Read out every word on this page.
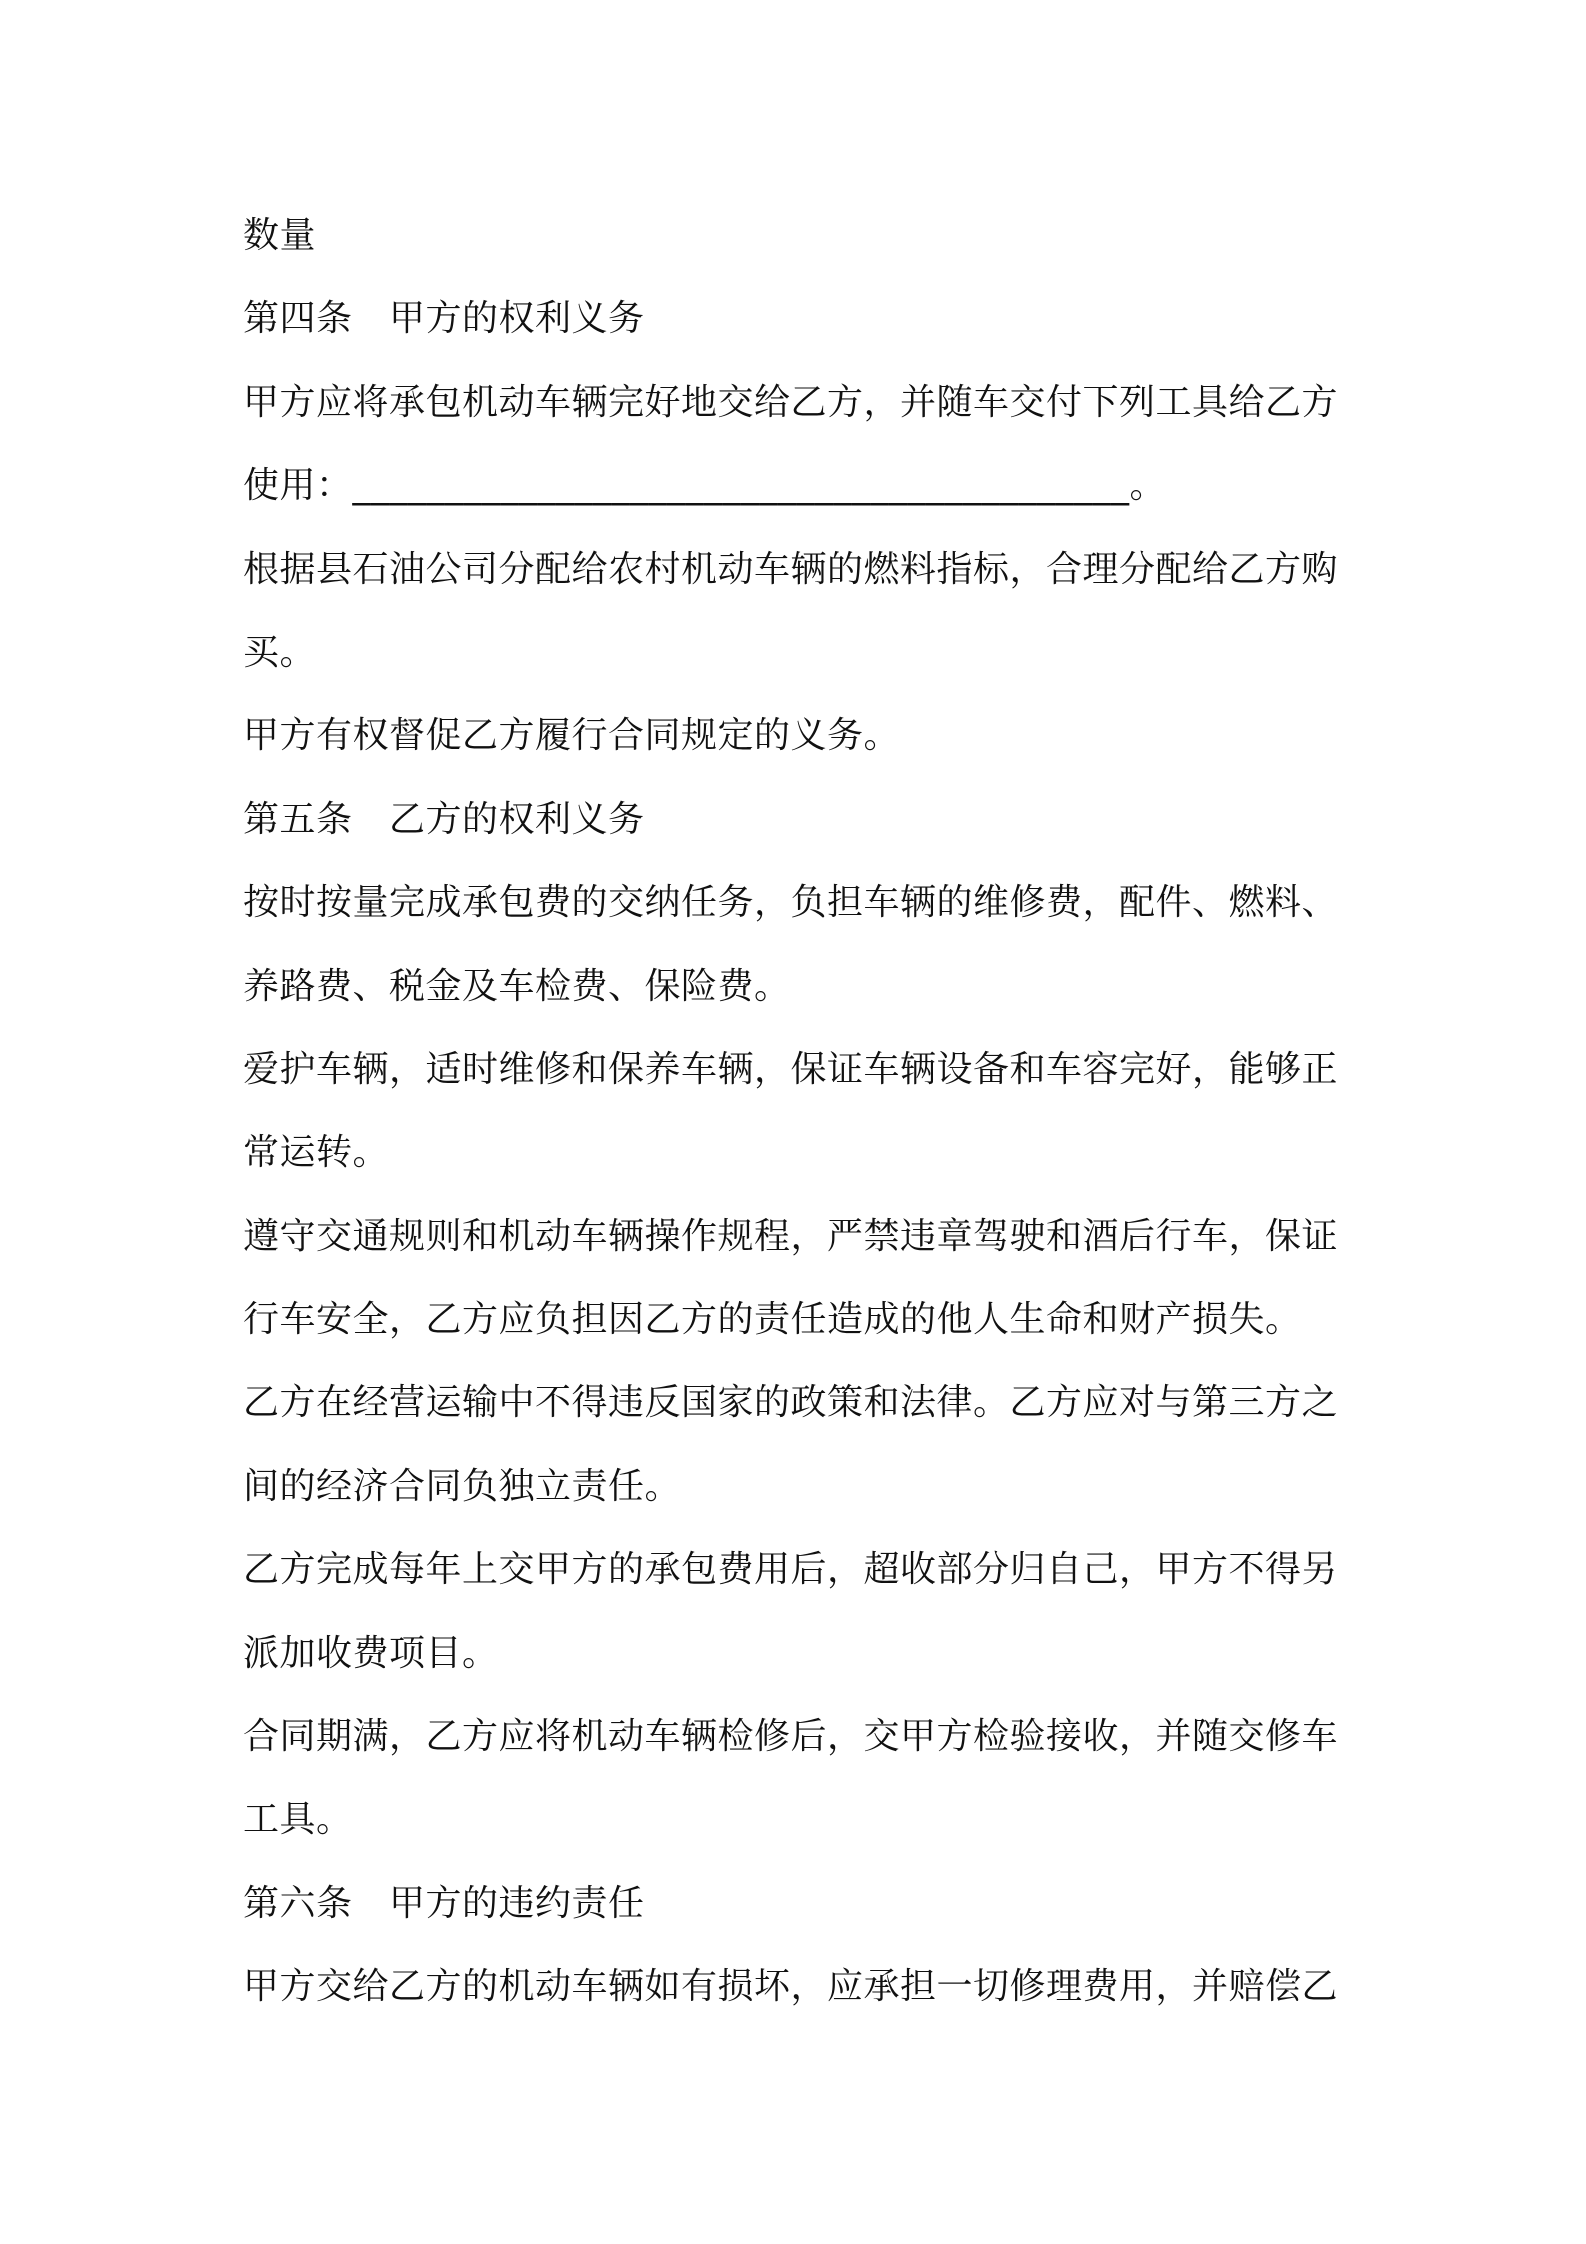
数量
第四条　甲方的权利义务
甲方应将承包机动车辆完好地交给乙方，并随车交付下列工具给乙方
使用：__________________________________________。
根据县石油公司分配给农村机动车辆的燃料指标，合理分配给乙方购
买。
甲方有权督促乙方履行合同规定的义务。
第五条　乙方的权利义务
按时按量完成承包费的交纳任务，负担车辆的维修费，配件、燃料、
养路费、税金及车检费、保险费。
爱护车辆，适时维修和保养车辆，保证车辆设备和车容完好，能够正
常运转。
遵守交通规则和机动车辆操作规程，严禁违章驾驶和酒后行车，保证
行车安全，乙方应负担因乙方的责任造成的他人生命和财产损失。
乙方在经营运输中不得违反国家的政策和法律。乙方应对与第三方之
间的经济合同负独立责任。
乙方完成每年上交甲方的承包费用后，超收部分归自己，甲方不得另
派加收费项目。
合同期满，乙方应将机动车辆检修后，交甲方检验接收，并随交修车
工具。
第六条　甲方的违约责任
甲方交给乙方的机动车辆如有损坏，应承担一切修理费用，并赔偿乙
